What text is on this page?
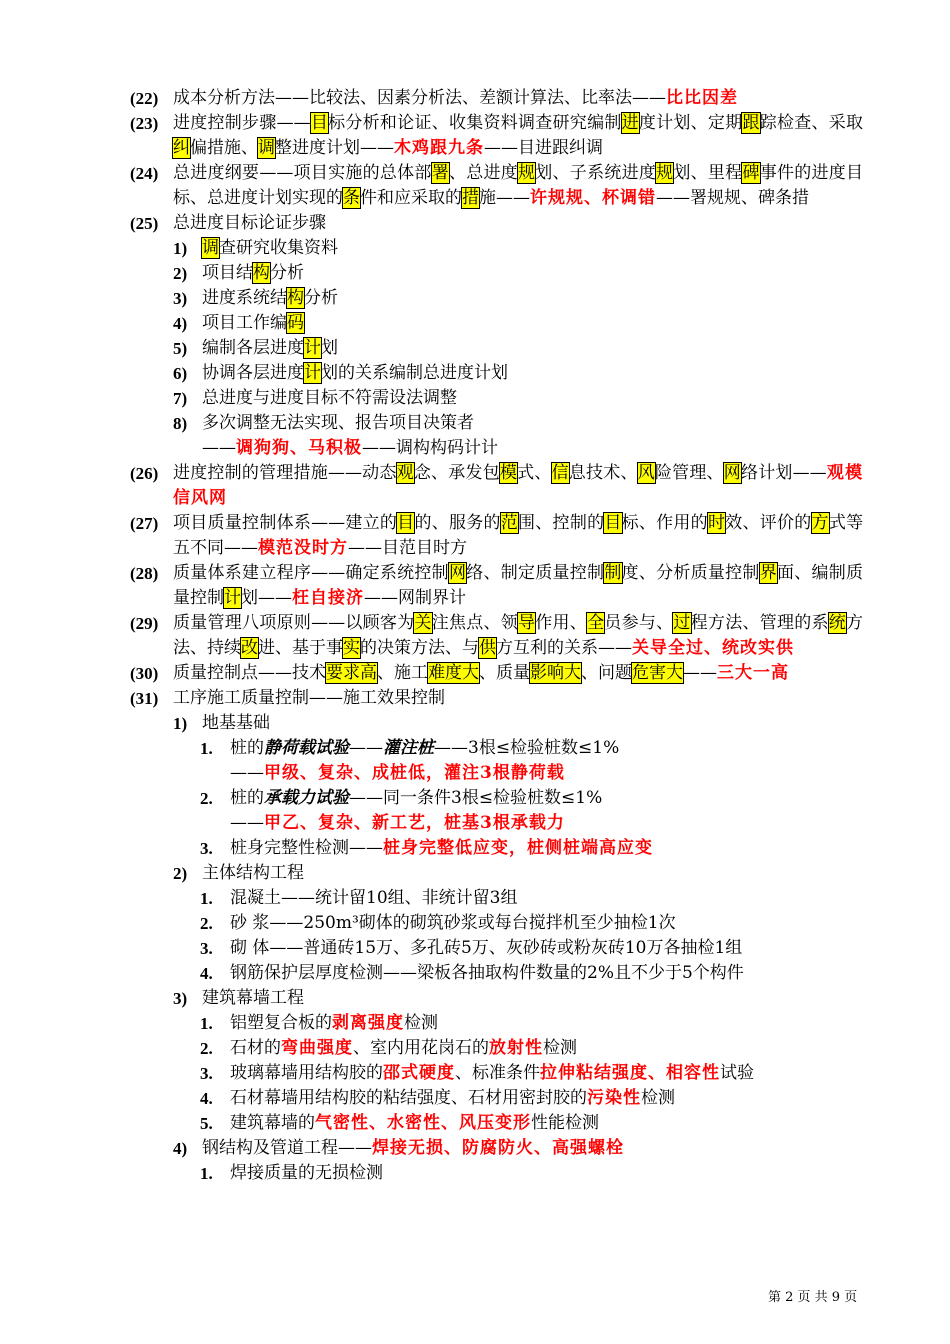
(22) 成本分析方法——比较法、因素分析法、差额计算法、比率法——比比因差
(23) 进度控制步骤——目标分析和论证、收集资料调查研究编制进度计划、定期跟踪检查、采取纠偏措施、调整进度计划——木鸡跟九条——目进跟纠调
(24) 总进度纲要——项目实施的总体部署、总进度规划、子系统进度规划、里程碑事件的进度目标、总进度计划实现的条件和应采取的措施——许规规、杯调错——署规规、碑条措
(25) 总进度目标论证步骤
1) 调查研究收集资料
2) 项目结构分析
3) 进度系统结构分析
4) 项目工作编码
5) 编制各层进度计划
6) 协调各层进度计划的关系编制总进度计划
7) 总进度与进度目标不符需设法调整
8) 多次调整无法实现、报告项目决策者
——调狗狗、马积极——调构构码计计
(26) 进度控制的管理措施——动态观念、承发包模式、信息技术、风险管理、网络计划——观模信风网
(27) 项目质量控制体系——建立的目的、服务的范围、控制的目标、作用的时效、评价的方式等五不同——模范没时方——目范目时方
(28) 质量体系建立程序——确定系统控制网络、制定质量控制制度、分析质量控制界面、编制质量控制计划——枉自接济——网制界计
(29) 质量管理八项原则——以顾客为关注焦点、领导作用、全员参与、过程方法、管理的系统方法、持续改进、基于事实的决策方法、与供方互利的关系——关导全过、统改实供
(30) 质量控制点——技术要求高、施工难度大、质量影响大、问题危害大——三大一高
(31) 工序施工质量控制——施工效果控制
1) 地基基础
1. 桩的静荷载试验——灌注桩——3根≤检验桩数≤1%
——甲级、复杂、成桩低，灌注3根静荷载
2. 桩的承载力试验——同一条件3根≤检验桩数≤1%
——甲乙、复杂、新工艺，桩基3根承载力
3. 桩身完整性检测——桩身完整低应变，桩侧桩端高应变
2) 主体结构工程
1. 混凝土——统计留10组、非统计留3组
2. 砂 浆——250m³砌体的砌筑砂浆或每台搅拌机至少抽检1次
3. 砌 体——普通砖15万、多孔砖5万、灰砂砖或粉灰砖10万各抽检1组
4. 钢筋保护层厚度检测——梁板各抽取构件数量的2%且不少于5个构件
3) 建筑幕墙工程
1. 铝塑复合板的剥离强度检测
2. 石材的弯曲强度、室内用花岗石的放射性检测
3. 玻璃幕墙用结构胶的邵式硬度、标准条件拉伸粘结强度、相容性试验
4. 石材幕墙用结构胶的粘结强度、石材用密封胶的污染性检测
5. 建筑幕墙的气密性、水密性、风压变形性能检测
4) 钢结构及管道工程——焊接无损、防腐防火、高强螺栓
1. 焊接质量的无损检测
第 2 页 共 9 页
